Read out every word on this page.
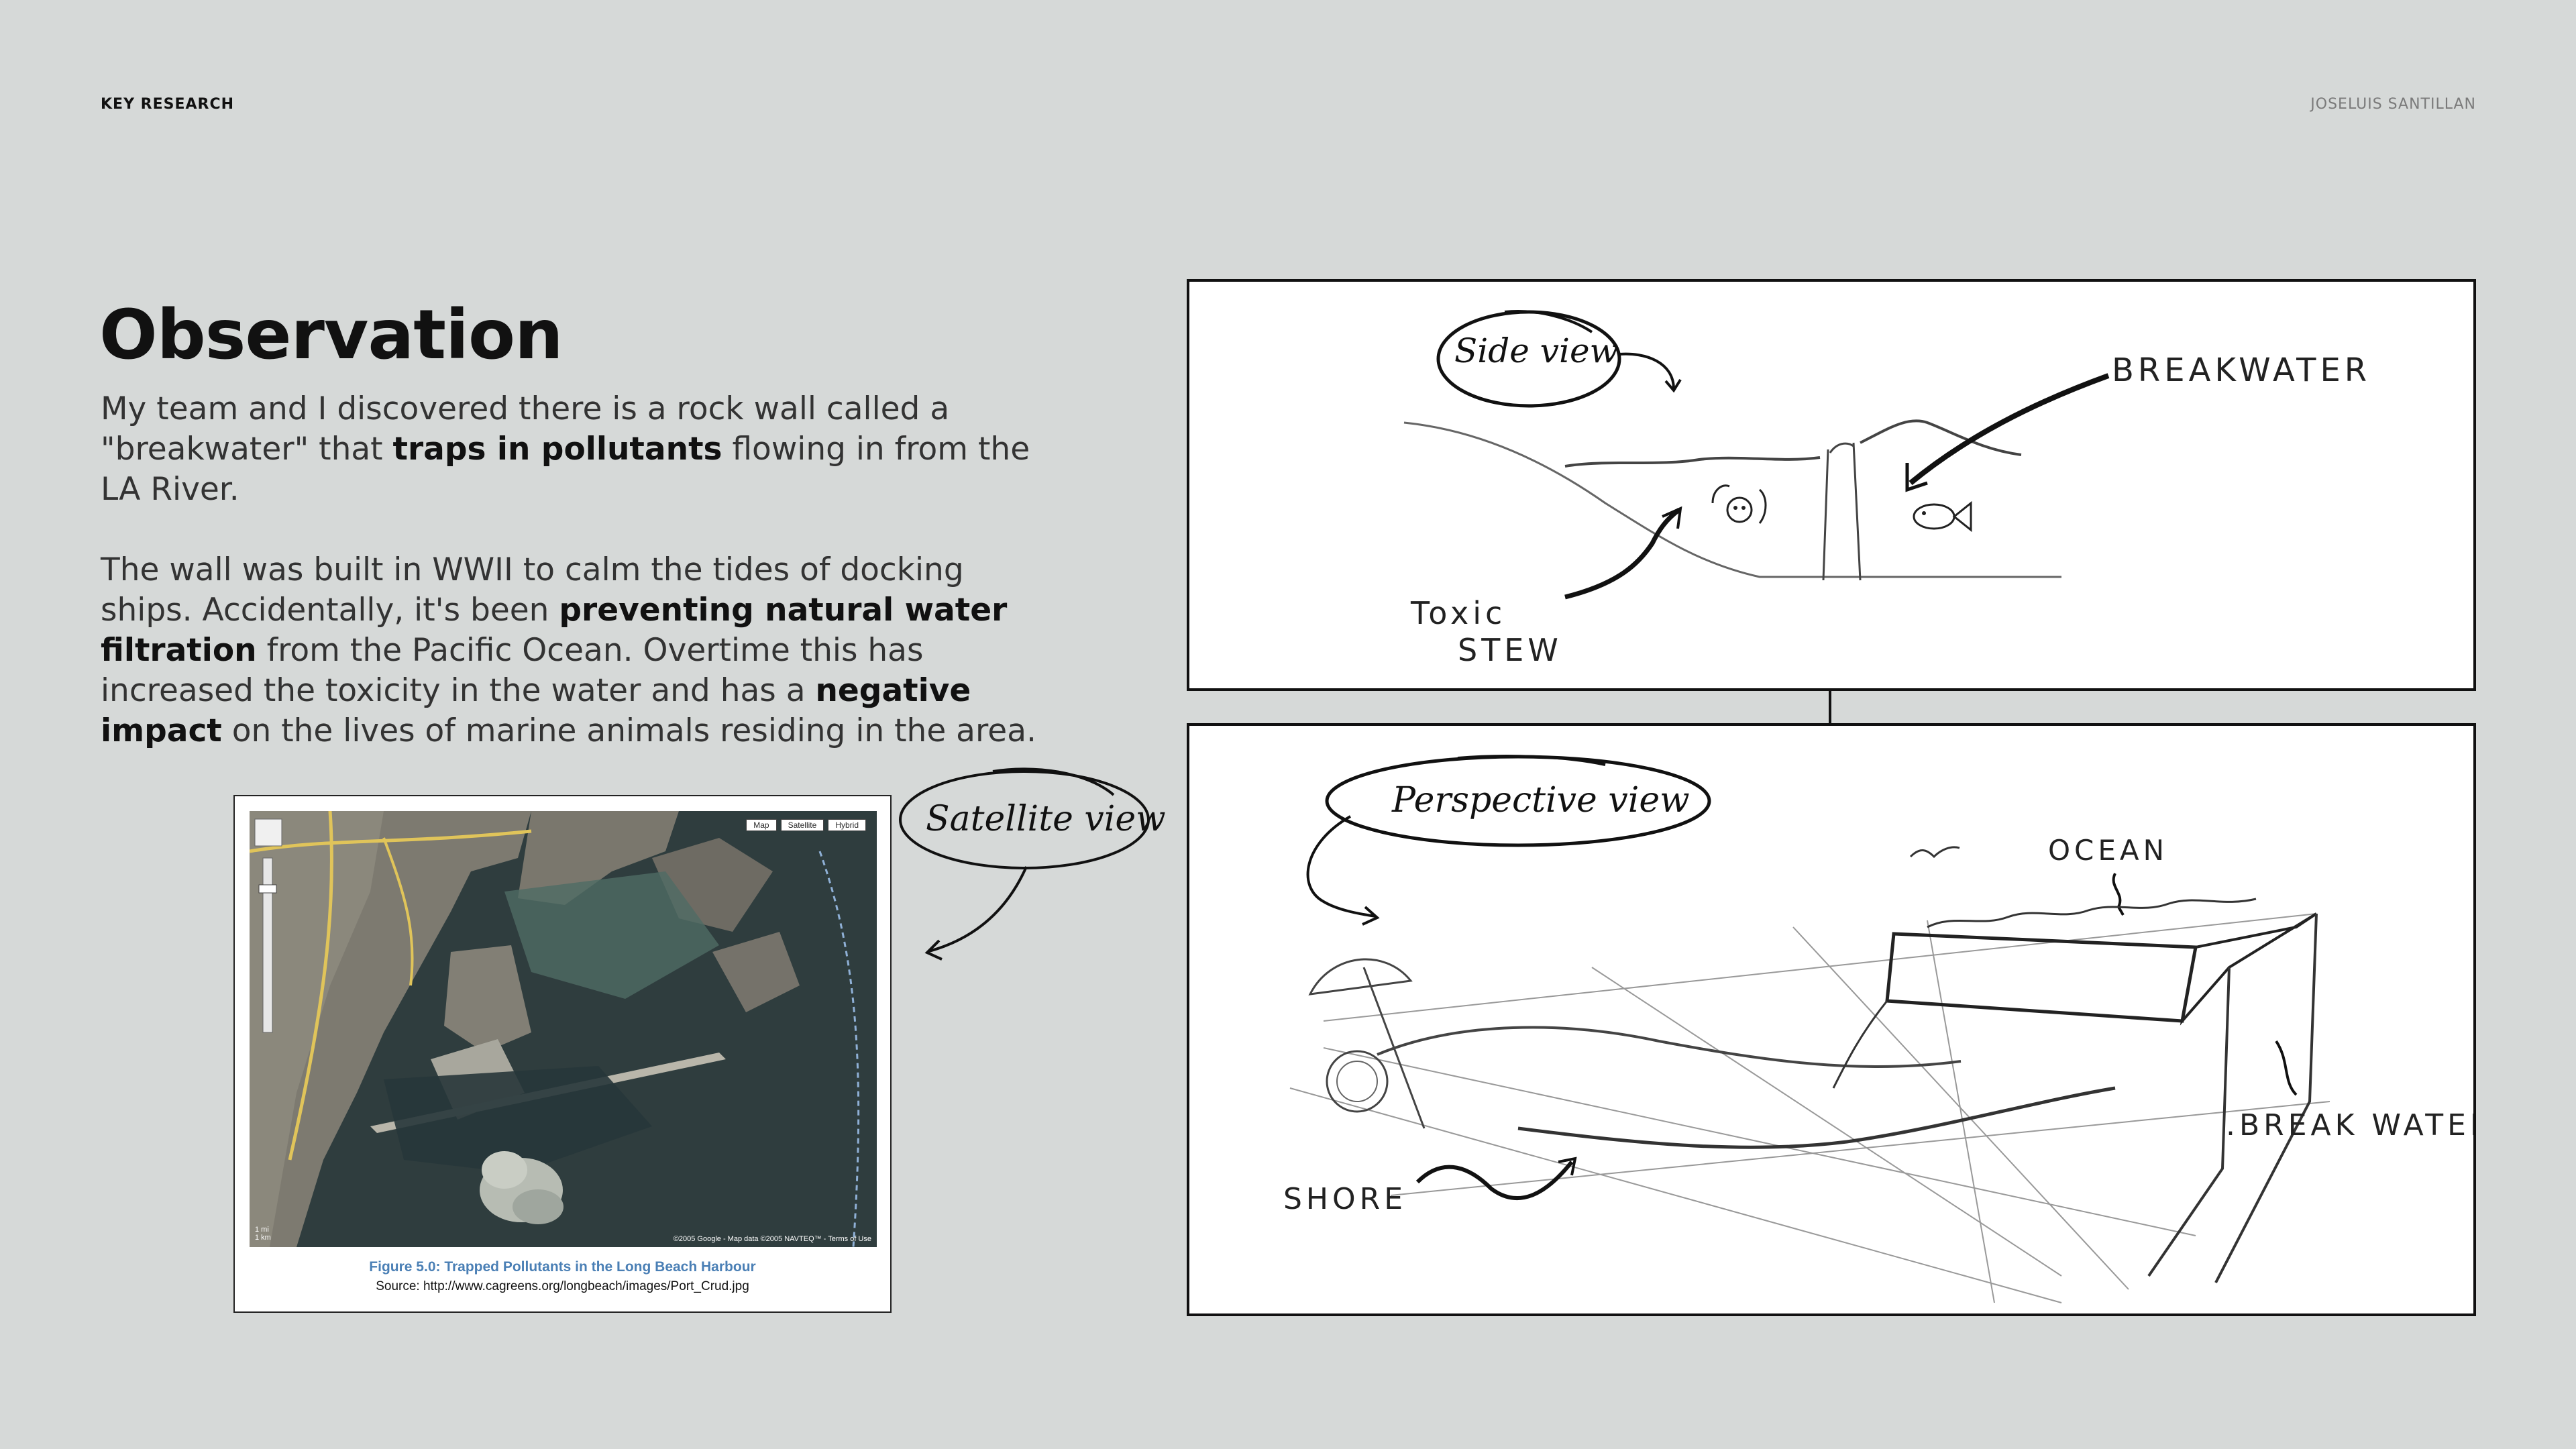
KEY RESEARCH	JOSELUIS SANTILLAN
Observation

My team and I discovered there is a rock wall called a "breakwater" that traps in pollutants flowing in from the LA River.

The wall was built in WWII to calm the tides of docking ships. Accidentally, it's been preventing natural water filtration from the Pacific Ocean. Overtime this has increased the toxicity in the water and has a negative impact on the lives of marine animals residing in the area.

Map	Satellite	Hybrid
1 mi
1 km	©2005 Google - Map data ©2005 NAVTEQ™ - Terms of Use
Figure 5.0: Trapped Pollutants in the Long Beach Harbour
Source: http://www.cagreens.org/longbeach/images/Port_Crud.jpg
Satellite view
Side view	BREAKWATER
Toxic
STEW
Perspective view
OCEAN
SHORE
.BREAK WATER
